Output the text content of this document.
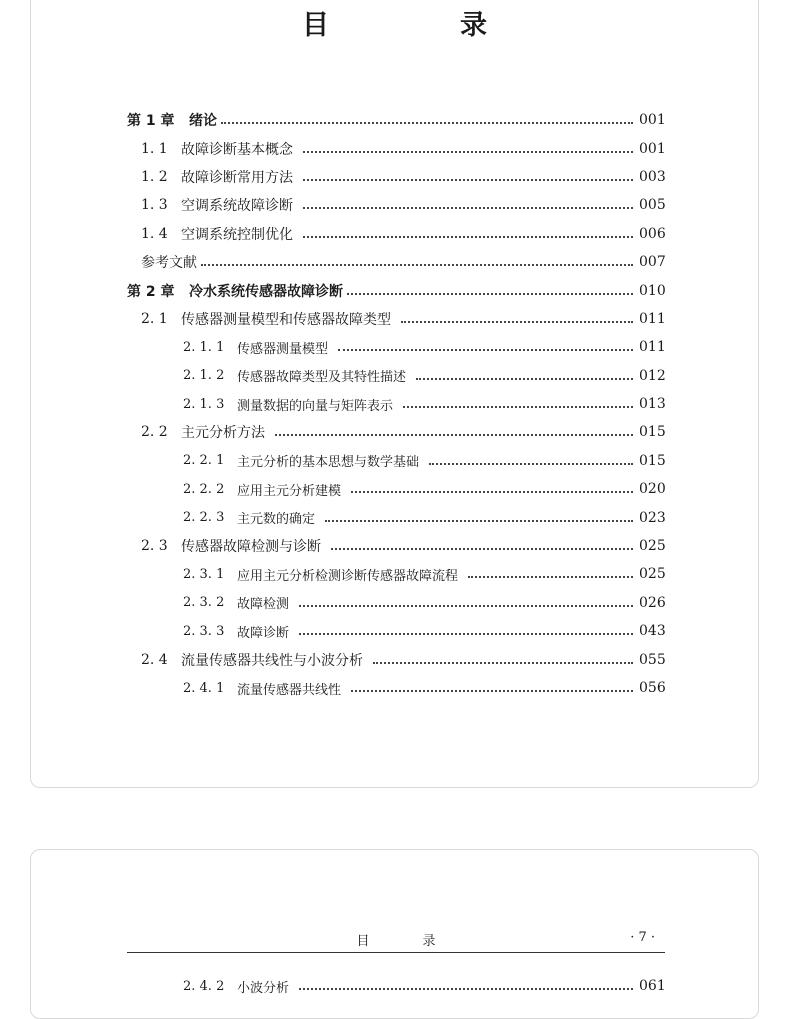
目　录
第 1 章	绪论	001
1. 1 故障诊断基本概念	001
1. 2 故障诊断常用方法	003
1. 3 空调系统故障诊断	005
1. 4 空调系统控制优化	006
参考文献	007
第 2 章	冷水系统传感器故障诊断	010
2. 1 传感器测量模型和传感器故障类型	011
2. 1. 1 传感器测量模型	011
2. 1. 2 传感器故障类型及其特性描述	012
2. 1. 3 测量数据的向量与矩阵表示	013
2. 2 主元分析方法	015
2. 2. 1 主元分析的基本思想与数学基础	015
2. 2. 2 应用主元分析建模	020
2. 2. 3 主元数的确定	023
2. 3 传感器故障检测与诊断	025
2. 3. 1 应用主元分析检测诊断传感器故障流程	025
2. 3. 2 故障检测	026
2. 3. 3 故障诊断	043
2. 4 流量传感器共线性与小波分析	055
2. 4. 1 流量传感器共线性	056
目　录	· 7 ·
2. 4. 2 小波分析	061
